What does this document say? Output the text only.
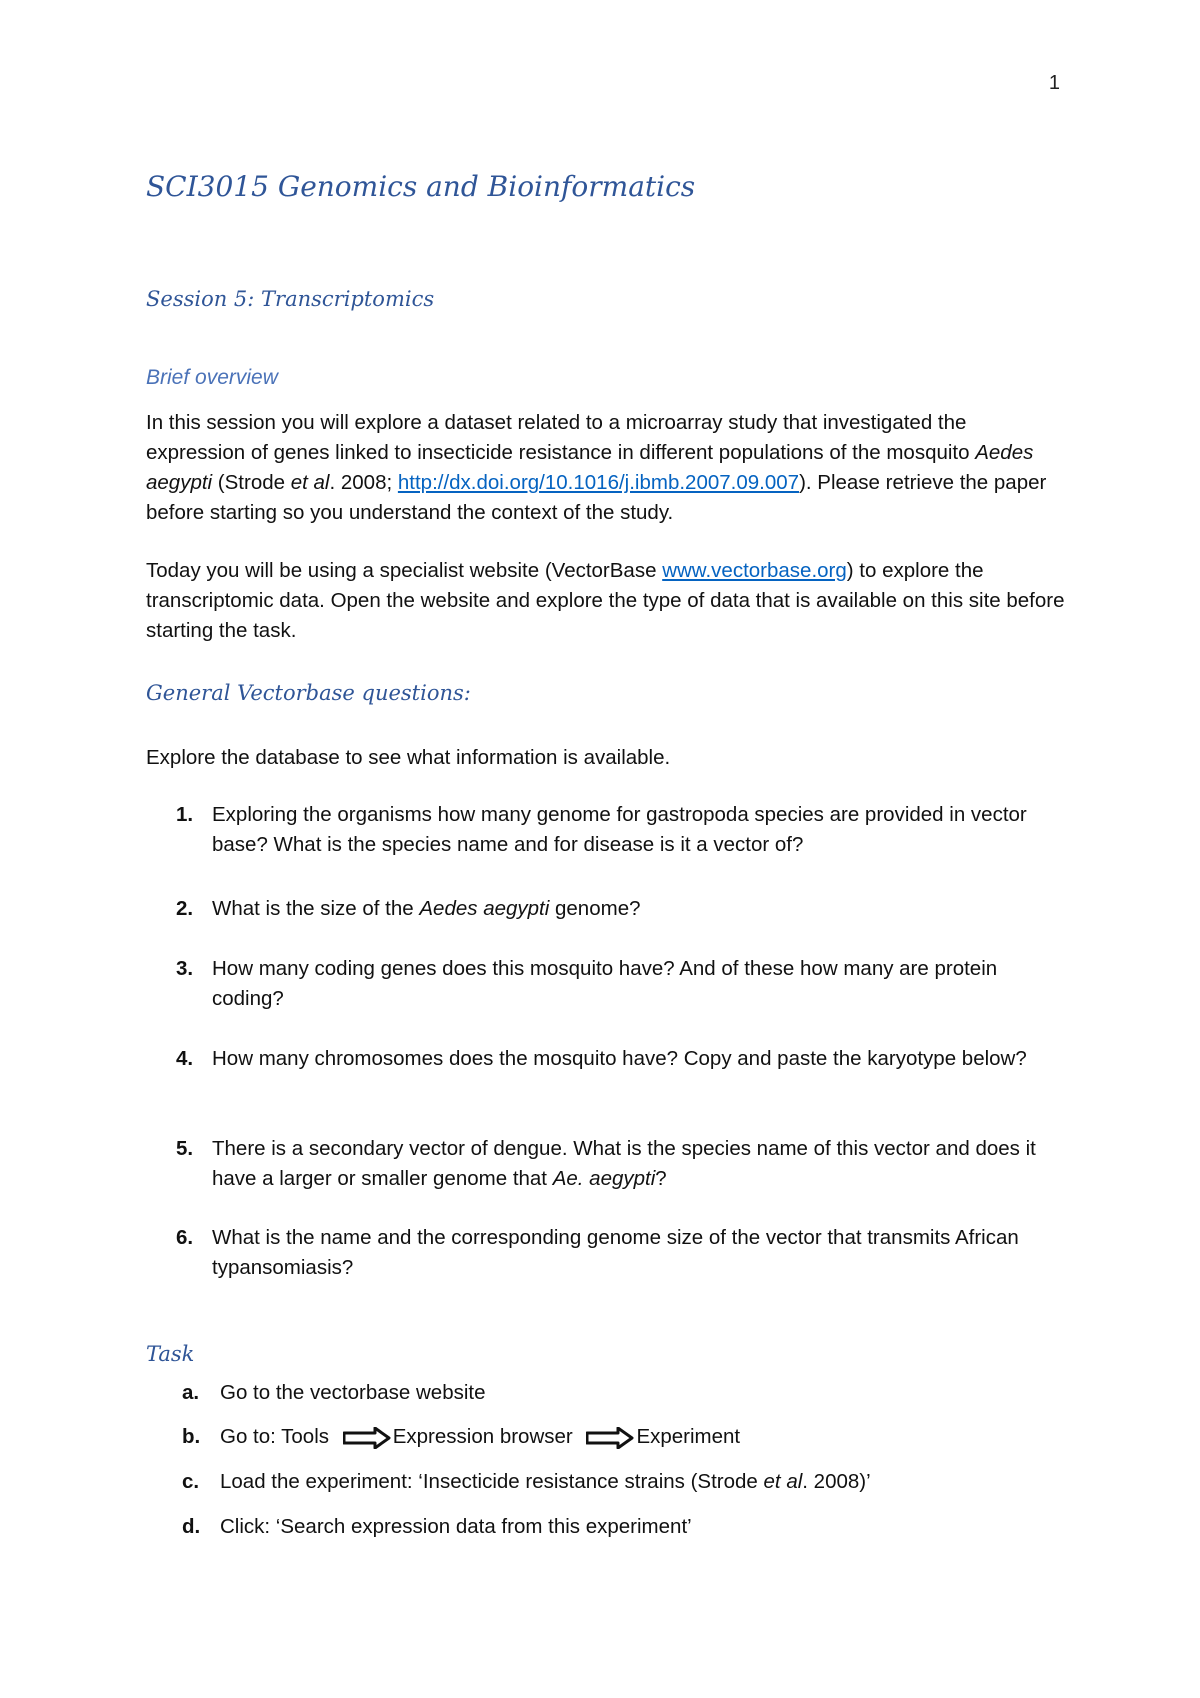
1
SCI3015 Genomics and Bioinformatics
Session 5: Transcriptomics
Brief overview

In this session you will explore a dataset related to a microarray study that investigated the expression of genes linked to insecticide resistance in different populations of the mosquito Aedes aegypti (Strode et al. 2008; http://dx.doi.org/10.1016/j.ibmb.2007.09.007). Please retrieve the paper before starting so you understand the context of the study.

Today you will be using a specialist website (VectorBase www.vectorbase.org) to explore the transcriptomic data. Open the website and explore the type of data that is available on this site before starting the task.

General Vectorbase questions:

Explore the database to see what information is available.

1. Exploring the organisms how many genome for gastropoda species are provided in vector base? What is the species name and for disease is it a vector of?
2. What is the size of the Aedes aegypti genome?
3. How many coding genes does this mosquito have? And of these how many are protein coding?
4. How many chromosomes does the mosquito have? Copy and paste the karyotype below?
5. There is a secondary vector of dengue. What is the species name of this vector and does it have a larger or smaller genome that Ae. aegypti?
6. What is the name and the corresponding genome size of the vector that transmits African typansomiasis?
Task
a. Go to the vectorbase website
b. Go to: Tools	Expression browser	Experiment
c. Load the experiment: ‘Insecticide resistance strains (Strode et al. 2008)’
d. Click: ‘Search expression data from this experiment’
